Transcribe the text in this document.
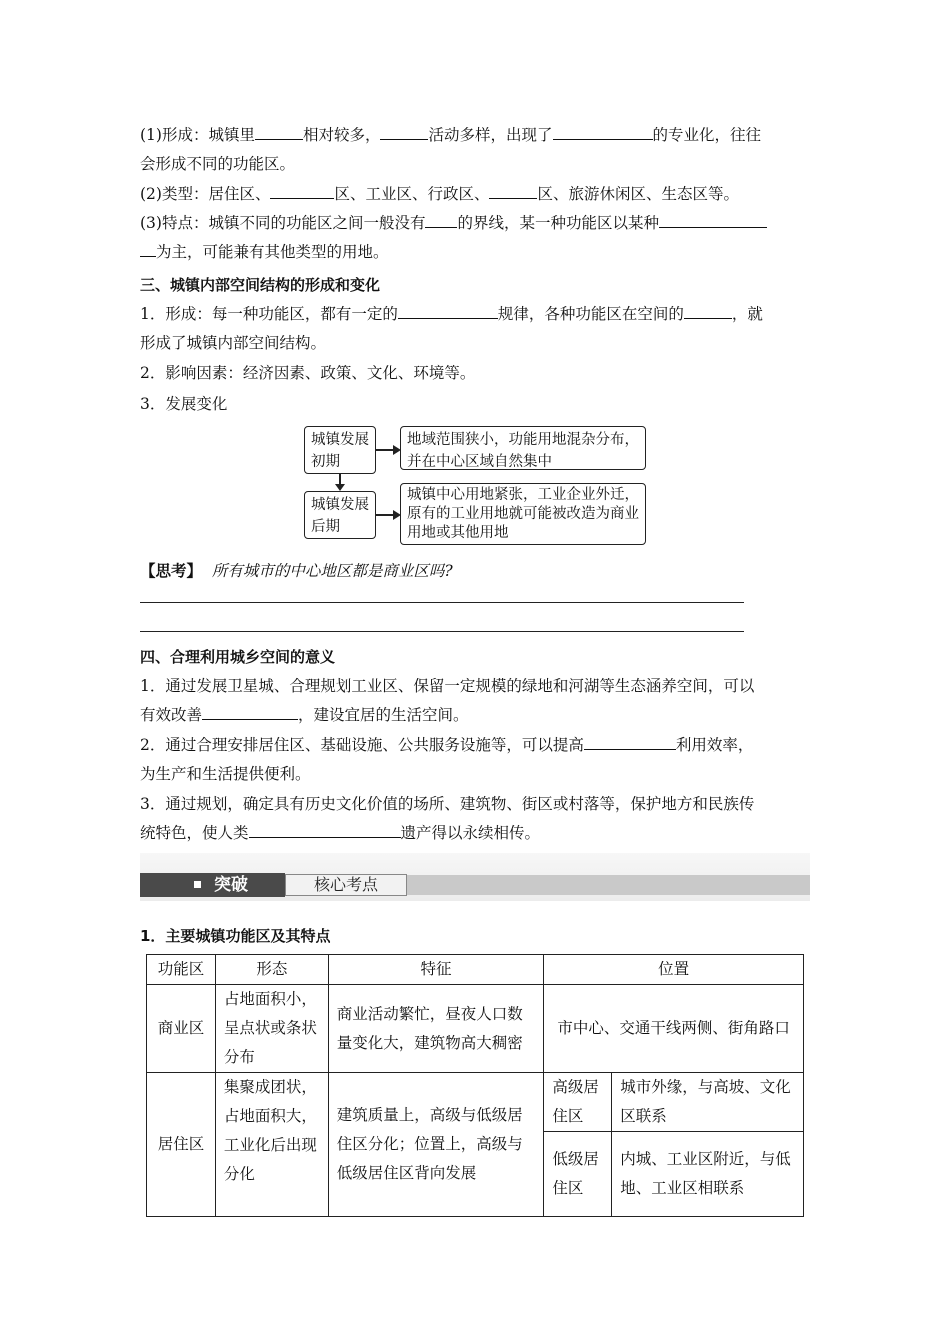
(1)形成：城镇里	相对较多，	活动多样，出现了	的专业化，往往
会形成不同的功能区。
(2)类型：居住区、	区、工业区、行政区、	区、旅游休闲区、生态区等。
(3)特点：城镇不同的功能区之间一般没有 的界线，某一种功能区以某种
为主，可能兼有其他类型的用地。
三、城镇内部空间结构的形成和变化
1．形成：每一种功能区，都有一定的	规律，各种功能区在空间的	，就
形成了城镇内部空间结构。
2．影响因素：经济因素、政策、文化、环境等。
3．发展变化
城镇发展初期
地域范围狭小，功能用地混杂分布，并在中心区域自然集中
城镇发展后期
城镇中心用地紧张，工业企业外迁，原有的工业用地就可能被改造为商业用地或其他用地
【思考】 所有城市的中心地区都是商业区吗?
四、合理利用城乡空间的意义
1．通过发展卫星城、合理规划工业区、保留一定规模的绿地和河湖等生态涵养空间，可以
有效改善	，建设宜居的生活空间。
2．通过合理安排居住区、基础设施、公共服务设施等，可以提高	利用效率，
为生产和生活提供便利。
3．通过规划，确定具有历史文化价值的场所、建筑物、街区或村落等，保护地方和民族传
统特色，使人类	遗产得以永续相传。
突破	核心考点
1．主要城镇功能区及其特点
功能区	形态	特征	位置	
商业区	占地面积小，呈点状或条状分布	商业活动繁忙，昼夜人口数量变化大，建筑物高大稠密	市中心、交通干线两侧、街角路口	
居住区	集聚成团状，占地面积大，工业化后出现分化	建筑质量上，高级与低级居住区分化；位置上，高级与低级居住区背向发展	高级居住区	城市外缘，与高坡、文化区联系
			低级居住区	内城、工业区附近，与低地、工业区相联系
